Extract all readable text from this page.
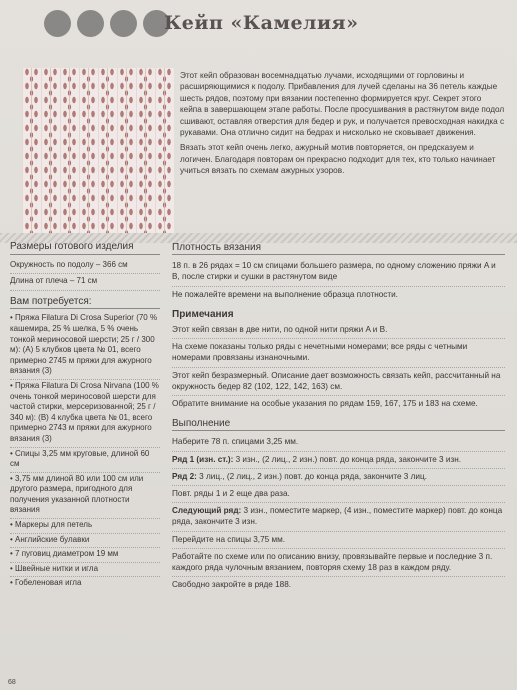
Кейп «Камелия»

Этот кейп образован восемнадцатью лучами, исходящими от горловины и расширяющимися к подолу. Прибавления для лучей сделаны на 36 петель каждые шесть рядов, поэтому при вязании постепенно формируется круг. Секрет этого кейпа в завершающем этапе работы. После просушивания в растянутом виде подол сшивают, оставляя отверстия для бедер и рук, и получается превосходная накидка с рукавами. Она отлично сидит на бедрах и нисколько не сковывает движения.

Вязать этот кейп очень легко, ажурный мотив повторяется, он предсказуем и логичен. Благодаря повторам он прекрасно подходит для тех, кто только начинает учиться вязать по схемам ажурных узоров.

Размеры готового изделия
Окружность по подолу – 366 см
Длина от плеча – 71 см
Вам потребуется:
• Пряжа Filatura Di Crosa Superior (70 % кашемира, 25 % шелка, 5 % очень тонкой мериносовой шерсти; 25 г / 300 м): (A) 5 клубков цвета № 01, всего примерно 2745 м пряжи для ажурного вязания (3)
• Пряжа Filatura Di Crosa Nirvana (100 % очень тонкой мериносовой шерсти для частой стирки, мерсеризованной; 25 г / 340 м): (B) 4 клубка цвета № 01, всего примерно 2743 м пряжи для ажурного вязания (3)
• Спицы 3,25 мм круговые, длиной 60 см
• 3,75 мм длиной 80 или 100 см или другого размера, пригодного для получения указанной плотности вязания
• Маркеры для петель
• Английские булавки
• 7 пуговиц диаметром 19 мм
• Швейные нитки и игла
• Гобеленовая игла
Плотность вязания
18 п. в 26 рядах = 10 см спицами большего размера, по одному сложению пряжи A и B, после стирки и сушки в растянутом виде
Не пожалейте времени на выполнение образца плотности.
Примечания
Этот кейп связан в две нити, по одной нити пряжи A и B.
На схеме показаны только ряды с нечетными номерами; все ряды с четными номерами провязаны изнаночными.
Этот кейп безразмерный. Описание дает возможность связать кейп, рассчитанный на окружность бедер 82 (102, 122, 142, 163) см.
Обратите внимание на особые указания по рядам 159, 167, 175 и 183 на схеме.
Выполнение
Наберите 78 п. спицами 3,25 мм.
Ряд 1 (изн. ст.): 3 изн., (2 лиц., 2 изн.) повт. до конца ряда, закончите 3 изн.
Ряд 2: 3 лиц., (2 лиц., 2 изн.) повт. до конца ряда, закончите 3 лиц.
Повт. ряды 1 и 2 еще два раза.
Следующий ряд: 3 изн., поместите маркер, (4 изн., поместите маркер) повт. до конца ряда, закончите 3 изн.
Перейдите на спицы 3,75 мм.
Работайте по схеме или по описанию внизу, провязывайте первые и последние 3 п. каждого ряда чулочным вязанием, повторяя схему 18 раз в каждом ряду.
Свободно закройте в ряде 188.
68
